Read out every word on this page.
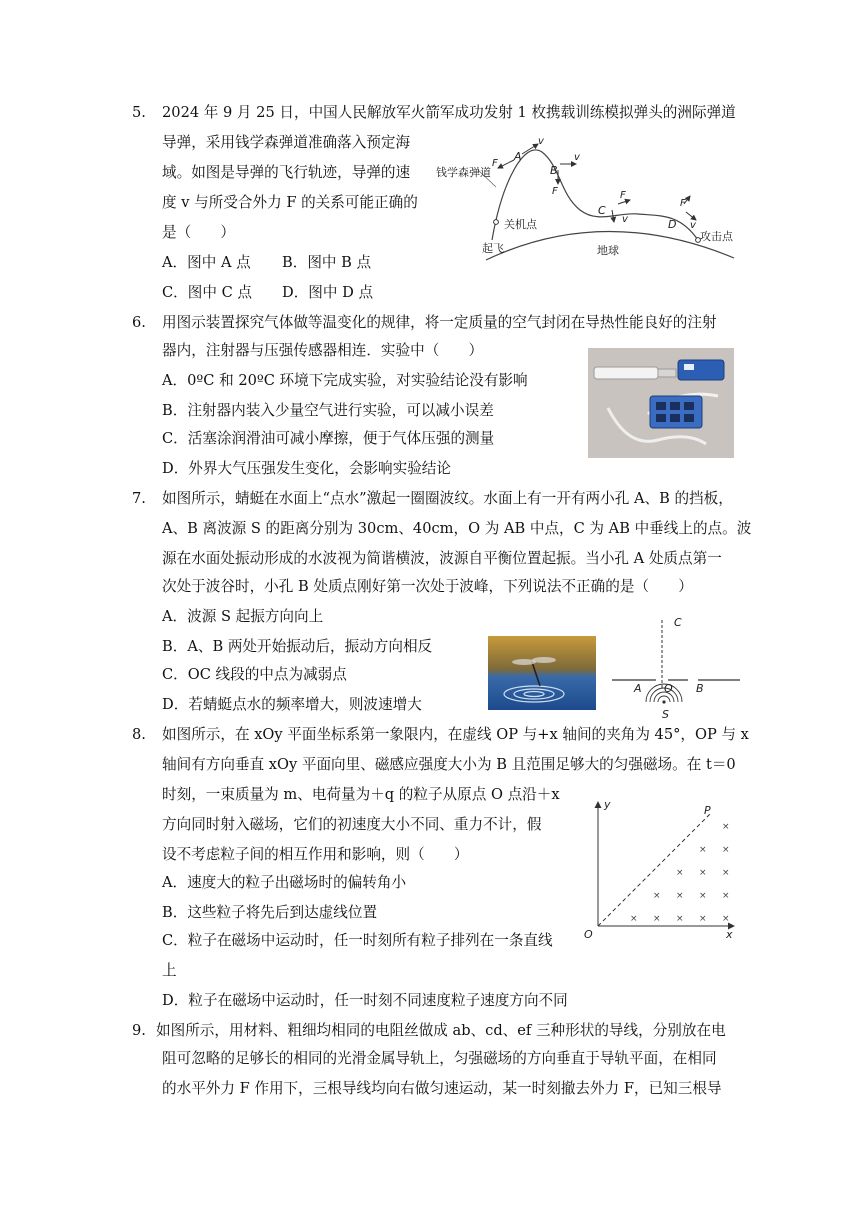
5. 2024 年 9 月 25 日，中国人民解放军火箭军成功发射 1 枚携载训练模拟弹头的洲际弹道
导弹，采用钱学森弹道准确落入预定海
域。如图是导弹的飞行轨迹，导弹的速
度 v 与所受合外力 F 的关系可能正确的
是（　　）
A．图中 A 点 B．图中 B 点
C．图中 C 点 D．图中 D 点
钱学森弹道
关机点
起飞	地球
攻击点
A
v
F
B
v
F
C
F
v	D
F
v
6. 用图示装置探究气体做等温变化的规律，将一定质量的空气封闭在导热性能良好的注射
器内，注射器与压强传感器相连．实验中（　　）
A．0ºC 和 20ºC 环境下完成实验，对实验结论没有影响
B．注射器内装入少量空气进行实验，可以减小误差
C．活塞涂润滑油可减小摩擦，便于气体压强的测量
D．外界大气压强发生变化，会影响实验结论
7. 如图所示，蜻蜓在水面上“点水”激起一圈圈波纹。水面上有一开有两小孔 A、B 的挡板，
A、B 离波源 S 的距离分别为 30cm、40cm，O 为 AB 中点，C 为 AB 中垂线上的点。波
源在水面处振动形成的水波视为简谐横波，波源自平衡位置起振。当小孔 A 处质点第一
次处于波谷时，小孔 B 处质点刚好第一次处于波峰，下列说法不正确的是（　　）
A．波源 S 起振方向向上
B．A、B 两处开始振动后，振动方向相反
C．OC 线段的中点为减弱点
D．若蜻蜓点水的频率增大，则波速增大
C
A O B
S
8. 如图所示，在 xOy 平面坐标系第一象限内，在虚线 OP 与+x 轴间的夹角为 45°，OP 与 x
轴间有方向垂直 xOy 平面向里、磁感应强度大小为 B 且范围足够大的匀强磁场。在 t＝0
时刻，一束质量为 m、电荷量为＋q 的粒子从原点 O 点沿＋x
方向同时射入磁场，它们的初速度大小不同、重力不计，假
设不考虑粒子间的相互作用和影响，则（　　）
A．速度大的粒子出磁场时的偏转角小
B．这些粒子将先后到达虚线位置
C．粒子在磁场中运动时，任一时刻所有粒子排列在一条直线
上
D．粒子在磁场中运动时，任一时刻不同速度粒子速度方向不同
y
x
O
P
× × × × ×
× × × ×
× × ×
× ×
×
9. 如图所示，用材料、粗细均相同的电阻丝做成 ab、cd、ef 三种形状的导线，分别放在电
阻可忽略的足够长的相同的光滑金属导轨上，匀强磁场的方向垂直于导轨平面，在相同
的水平外力 F 作用下，三根导线均向右做匀速运动，某一时刻撤去外力 F，已知三根导
